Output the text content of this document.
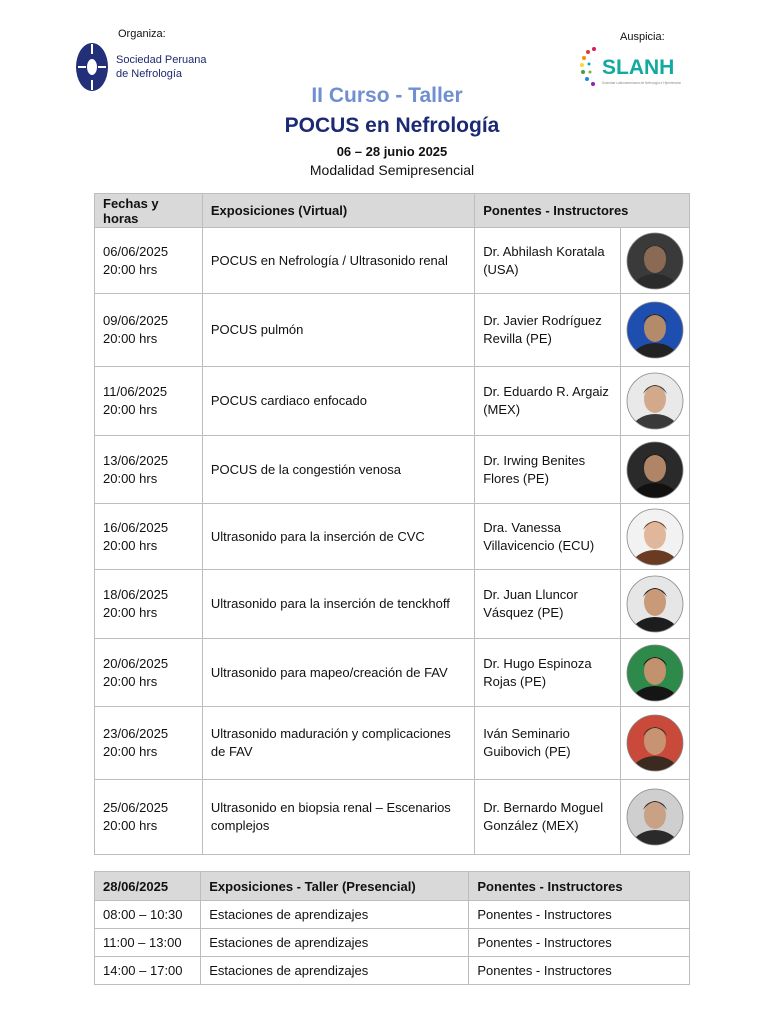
Organiza:
Sociedad Peruana
de Nefrología
Auspicia:
SLANH
Sociedad Latinoamericana de Nefrología e Hipertensión
II Curso - Taller
POCUS en Nefrología
06 – 28 junio 2025
Modalidad Semipresencial
Fechas y horas	Exposiciones (Virtual)	Ponentes - Instructores	

06/06/2025
20:00 hrs	POCUS en Nefrología / Ultrasonido renal	Dr. Abhilash Koratala
(USA)

09/06/2025
20:00 hrs	POCUS pulmón	Dr. Javier Rodríguez
Revilla (PE)

11/06/2025
20:00 hrs	POCUS cardiaco enfocado	Dr. Eduardo R. Argaiz
(MEX)

13/06/2025
20:00 hrs	POCUS de la congestión venosa	Dr. Irwing Benites
Flores (PE)

16/06/2025
20:00 hrs	Ultrasonido para la inserción de CVC	Dra. Vanessa
Villavicencio (ECU)

18/06/2025
20:00 hrs	Ultrasonido para la inserción de tenckhoff	Dr. Juan Lluncor
Vásquez (PE)

20/06/2025
20:00 hrs	Ultrasonido para mapeo/creación de FAV	Dr. Hugo Espinoza
Rojas (PE)

23/06/2025
20:00 hrs	Ultrasonido maduración y complicaciones de FAV	Iván Seminario
Guibovich (PE)

25/06/2025
20:00 hrs	Ultrasonido en biopsia renal – Escenarios complejos	Dr. Bernardo Moguel
González (MEX)

28/06/2025	Exposiciones - Taller (Presencial)	Ponentes - Instructores
08:00 – 10:30	Estaciones de aprendizajes	Ponentes - Instructores
11:00 – 13:00	Estaciones de aprendizajes	Ponentes - Instructores
14:00 – 17:00	Estaciones de aprendizajes	Ponentes - Instructores
